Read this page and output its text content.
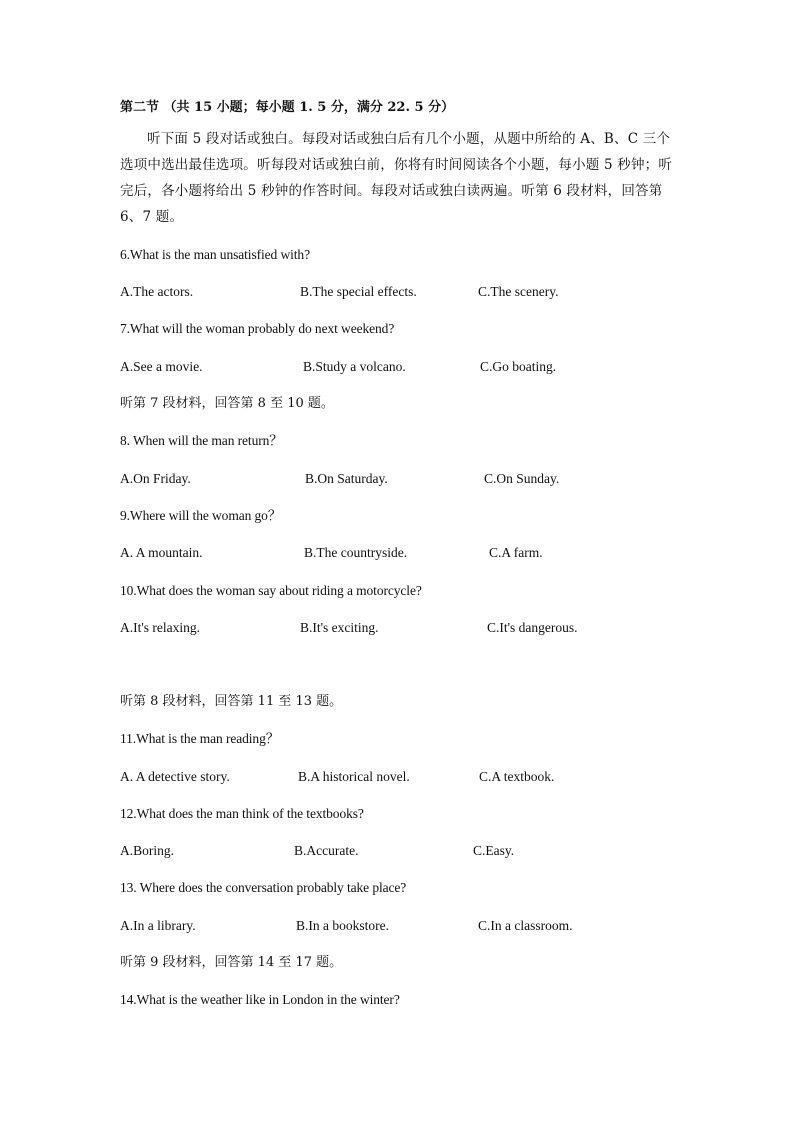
第二节 （共 15 小题；每小题 1. 5 分，满分 22. 5 分）

听下面 5 段对话或独白。每段对话或独白后有几个小题，从题中所给的 A、B、C 三个选项中选出最佳选项。听每段对话或独白前，你将有时间阅读各个小题，每小题 5 秒钟；听完后，各小题将给出 5 秒钟的作答时间。每段对话或独白读两遍。听第 6 段材料，回答第 6、7 题。

6.What is the man unsatisfied with?
A.The actors.	B.The special effects.	C.The scenery.
7.What will the woman probably do next weekend?
A.See a movie.	B.Study a volcano.	C.Go boating.
听第 7 段材料，回答第 8 至 10 题。
8. When will the man return？
A.On Friday.	B.On Saturday.	C.On Sunday.
9.Where will the woman go？
A. A mountain.	B.The countryside.	C.A farm.
10.What does the woman say about riding a motorcycle?
A.It's relaxing.	B.It's exciting.	C.It's dangerous.
听第 8 段材料，回答第 11 至 13 题。
11.What is the man reading？
A. A detective story.	B.A historical novel.	C.A textbook.
12.What does the man think of the textbooks?
A.Boring.	B.Accurate.	C.Easy.
13. Where does the conversation probably take place?
A.In a library.	B.In a bookstore.	C.In a classroom.
听第 9 段材料，回答第 14 至 17 题。
14.What is the weather like in London in the winter?
